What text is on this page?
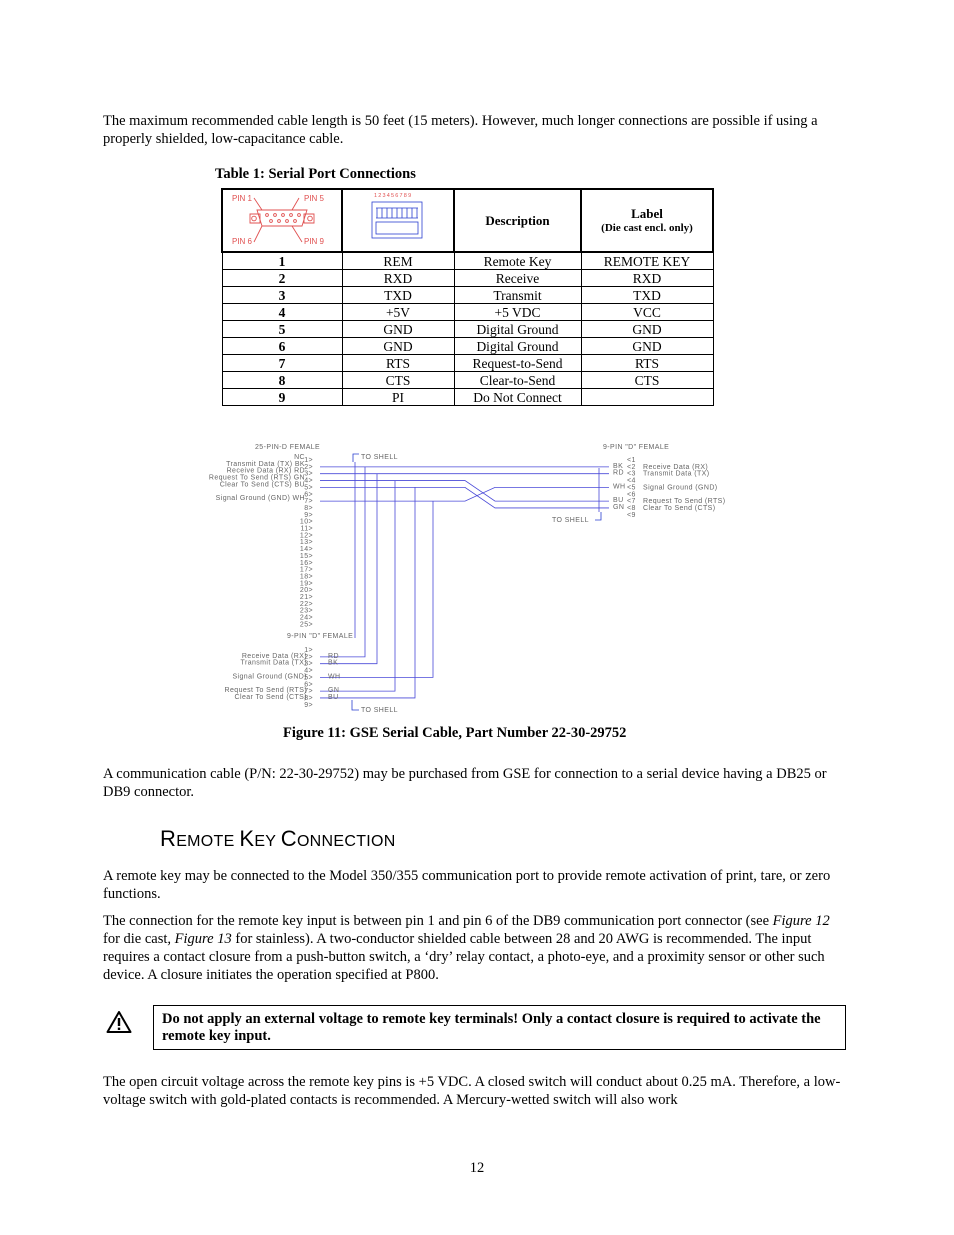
The maximum recommended cable length is 50 feet (15 meters). However, much longer connections are possible if using a properly shielded, low-capacitance cable.

Table 1: Serial Port Connections
PIN 1 PIN 5
PIN 6 PIN 9	123456789	Description	Label
(Die cast encl. only)

1	REM	Remote Key	REMOTE KEY
2	RXD	Receive	RXD
3	TXD	Transmit	TXD
4	+5V	+5 VDC	VCC
5	GND	Digital Ground	GND
6	GND	Digital Ground	GND
7	RTS	Request-to-Send	RTS
8	CTS	Clear-to-Send	CTS
9	PI	Do Not Connect	
25-PIN-D FEMALE
1>
2>
3>
4>
5>
6>
7>
8>
9>
10>
11>
12>
13>
14>
15>
16>
17>
18>
19>
20>
21>
22>
23>
24>
25>
NC
Transmit Data (TX) BK
Receive Data (RX) RD
Request To Send (RTS) GN
Clear To Send (CTS) BU
Signal Ground (GND) WH
9-PIN "D" FEMALE
<1
<2 Receive Data (RX)
BK
<3 Transmit Data (TX)
RD
<4
<5 Signal Ground (GND)
WH
<6
<7 Request To Send (RTS)
BU
<8 Clear To Send (CTS)
GN
<9
9-PIN "D" FEMALE
1>
2>
Receive Data (RX)	RD
3>
Transmit Data (TX)	BK
4>
5>
Signal Ground (GND)	WH
6>
7>
Request To Send (RTS)	GN
8>
Clear To Send (CTS)	BU
9>
TO SHELL
TO SHELL
TO SHELL
Figure 11: GSE Serial Cable, Part Number 22-30-29752

A communication cable (P/N: 22-30-29752) may be purchased from GSE for connection to a serial device having a DB25 or DB9 connector.

REMOTE KEY CONNECTION

A remote key may be connected to the Model 350/355 communication port to provide remote activation of print, tare, or zero functions.

The connection for the remote key input is between pin 1 and pin 6 of the DB9 communication port connector (see Figure 12 for die cast, Figure 13 for stainless). A two-conductor shielded cable between 28 and 20 AWG is recommended. The input requires a contact closure from a push-button switch, a ‘dry’ relay contact, a photo-eye, and a proximity sensor or other such device. A closure initiates the operation specified at P800.

Do not apply an external voltage to remote key terminals! Only a contact closure is required to activate the remote key input.

The open circuit voltage across the remote key pins is +5 VDC. A closed switch will conduct about 0.25 mA. Therefore, a low-voltage switch with gold-plated contacts is recommended. A Mercury-wetted switch will also work

12
